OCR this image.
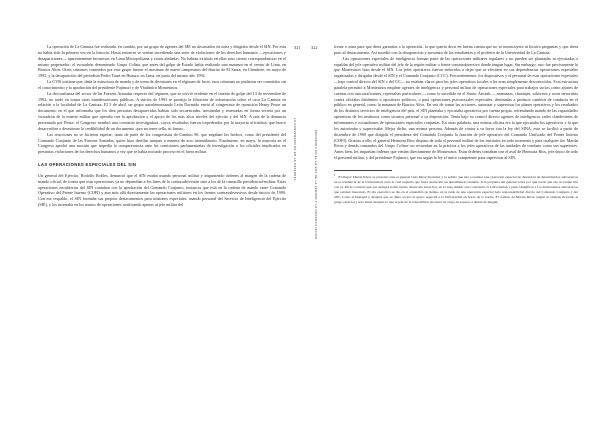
La operación de La Cantuta fue realizada, en cambio, por un grupo de agentes del SIE no destacados en zona y dirigidos desde el SIN. Por esta no había sido la primera vez en la historia. Hasta entonces se venían sucediendo una serie de violaciones de los derechos humanos —ejecuciones y desapariciones— aparentemente inconexas en Lima Metropolitana y zonas aledañas. No habían existido en ellas sino ciertas correspondencias en el mismo perpetrador: el escuadrón denominado Grupo Colina, que antes del golpe de Estado había realizado una matanza en el centro de Lima, en Barrios Altos. Otros crímenes cometidos por este grupo fueron el asesinato de nueve campesinos del distrito de El Santa, en Chimbote, en mayo de 1992, y la desaparición del periodista Pedro Yauri en Huaura, en Lima, en junio del mismo año 1992.

La CVR sostiene que, dada la estructura de mando y de toma de decisiones en el régimen de facto, esos crímenes no pudieron ser cometidos sin el conocimiento y la aprobación del presidente Fujimori y de Vladimiro Montesinos.

La desconfianza del sector de las Fuerzas Armadas respecto del régimen, que se volvió evidente en el intento de golpe del 13 de noviembre de 1992, no tardó en tomar otras manifestaciones públicas. A inicios de 1993 se produjo la filtración de información sobre el caso La Cantuta en relación a la localidad de La Cantuta. El 5 de abril, un grupo autodenominado León Dormido envió al congresista de oposición Henry Pease un documento en el que informaba que los diez personas desaparecidas habían sido secuestradas, asesinadas y enterradas en forma secreta por un escuadrón de la muerte militar que operaba con la aprobación y el apoyo de los más altos niveles del ejército y del SIN. A raíz de la denuncia presentada por Pease, el Congreso nombró una comisión investigadora, cuyos resultados fueron torpedeados por la mayoría oficialista, que buscó desacreditar o desestimar la credibilidad de un documento «por no tener sello, ni firma».

Las reacciones no se hicieron esperar; tanto de parte de los congresistas de Cambio 90, que negaban los hechos, como del presidente del Comando Conjunto de las Fuerzas Armadas, quien hizo desfilar tanques a manera de acto intimidatorio. Finalmente, en mayo, la mayoría en el Congreso aprobó una moción que impedía la comparecencia ante las comisiones parlamentarias de investigación a los oficiales implicados en presuntas violaciones de los derechos humanos a vez que se había iniciado proceso en el fuero militar.

LAS OPERACIONES ESPECIALES DEL SIN

Un general del Ejército, Rodolfo Robles, denunció que el SIN estaba usando personal militar y impartiendo órdenes al margen de la cadena de mando oficial, de forma que esas operaciones ya no dependían a los fines de la contrasubversión sino a los de la camarilla presidencial-militar. Estas operaciones encubiertas del SIN contaban con la aprobación del Comando Conjunto, instancia que está en la cadena de mando entre Comando Operativo del Frente Interno (COFI) y aun más allá directamente las operaciones militares en los frentes contrasubversivos desde inicios de 1990. Con ese respaldo, el SIN formaba sus propios destacamentos para misiones especiales, usando personal del Servicio de Inteligencia del Ejército (SIE), y los insertaba en los teatros de operaciones notificando apenas al jefe militar del

321
LA CONVERSACIÓN EN LA CATEDRAL

frente o zona para que diera garantías a la operación, lo que quería decir en buena cuenta que no se inmiscuyera ni hiciera preguntas y que diera paso al destacamento. Así sucedió con la desaparición y asesinato de los estudiantes y el profesor de la Universidad de La Cantuta.

Las operaciones especiales de inteligencia forman parte de las operaciones militares regulares y no pueden ser planeadas ni ejecutadas a espaldas del jefe operativo militar del jefe de la región militar o frente contrasubversivo donde tengan lugar. Sin embargo, esto fue precisamente lo que Montesinos hizo desde el SIN. Los jefes operativos fueron inducidos a dejar que se efectúen en sus dependencias operaciones especiales organizadas y dirigidas desde el SIN y el Comando Conjunto (CCC). Frecuentemente, los dispositivos y el personal de esas operaciones especiales —bajo control directo del SIN o del CC— no estaban claros para los jefes operativos locales o les eran simplemente desconocidos. Esta estructura paralela permitió a Montesinos emplear agentes de inteligencia y personal militar de operaciones especiales para trabajos sucios como ajustes de cuentas con narcotraficantes, represalias particulares —como lo sucedido en el Santa, Áncash—, amenazas, chantajes, sobornos y actos terroristas contra oficiales disidentes u opositores políticos, o para operaciones psicosociales especiales, destinadas a producir cambios de conducta en el público en general, como la matanza de Barrios Altos. En vez de tomar las acciones, autorizar y supervisar los planes operativos y los resultados de los distintos servicios de inteligencia del país, el SIN planeaba y ejecutaba operativos por cuenta propia, refrendando mando de las capacidades operativas de los institutos como sicarios personal a su disposición. Tenía bajo su control directo agentes de inteligencia, redes clandestinas de informantes y escuadrones de operaciones especiales conjuntas. En otras palabras, una misma oficina era la que ejecutaba los operativos y la que los autorizaba y supervisaba. Mejor dicho, una misma persona. Además de contar a su favor con la ley del SINA, esto se facilitó a partir de diciembre de 1990 que dirigida el presidente del Comando Conjunto la función de jefe operativo del Comando Unificado del Frente Interno (COFI). Gracias a ello, el general Hermoza Ríos dispuso de todo el personal militar de los institutos en todo momento y para cualquier fin. Martín Rivas y demás comandos del Grupo Colina- no recuerdan en la práctica a los jefes operativos de las unidades de combate como sus superiores. Antes bien, les impartían órdenes que venían directamente de Montesinos. Estas órdenes contaban con el aval de Hermoza Ríos, jefe único de todo el personal militar, y del presidente Fujimori, que era según la ley el único competente para supervisar al SIN.

$^1$ El mayor Martín Rivas se presentó ante el general Luis Pérez Documet y le señaló que iría a realizar una operación especial de detención de determinados subversivos en la residencia de la Universidad, para la cual requería que fuera destacado un determinado teniente. A la pregunta del general sobre por qué razón que ese no tenían hiri con él, Rivas contestó que esa siempre había estado destacado hasta hoy en la base militar que controlaba la Universidad y pudo identificar a los delincuentes subversivos que estaban buscando. El día operativo se dio en el extendido de tiempo en la tarde de una operación especial bajo responsabilidad directa del Comando Conjunto y del SIN. Como el huésped y después que se diera acceso al grupo especial a la Universidad en horas de la noche. El cambio de Martín Rivas asignó al campus llevando al grupo especial y solo hasta después lo que el jefe de la base militar encontró su carga de zapatos a diente de ningún.

322
PERUANOS EN EL LA VOZ DE LA VERDAD Y LA RECONCILIACIÓN
